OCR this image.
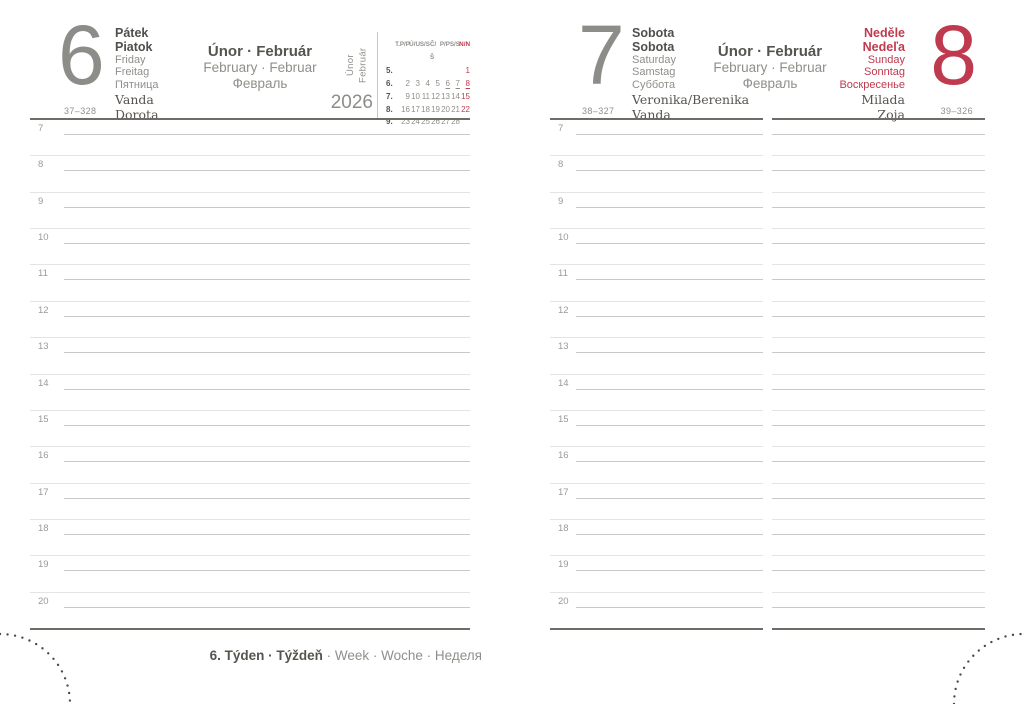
6
37–328
Pátek
Piatok
Friday
Freitag
Пятница
Vanda
Dorota
Únor · Február
February · Februar
Февраль
Únor Február
2026
T. P/P Ú/U S/S Č/Š
P/P S/S N/N
5.	1
6. 2 3 4 5 6 7 8
7. 9 10 11 12 13 14 15
8. 16 17 18 19 20 21 22
9. 23 24 25 26 27 28
7
8
9
10
11
12
13
14
15
16
17
18
19
20
7
38–327
Sobota
Sobota
Saturday
Samstag
Суббота
Veronika/Berenika
Vanda
Únor · Február
February · Februar
Февраль
Neděle
Nedeľa
Sunday
Sonntag
Воскресенье
Milada
Zoja
8
39–326
7
8
9
10
11
12
13
14
15
16
17
18
19
20
6. Týden · Týždeň · Week · Woche · Неделя
